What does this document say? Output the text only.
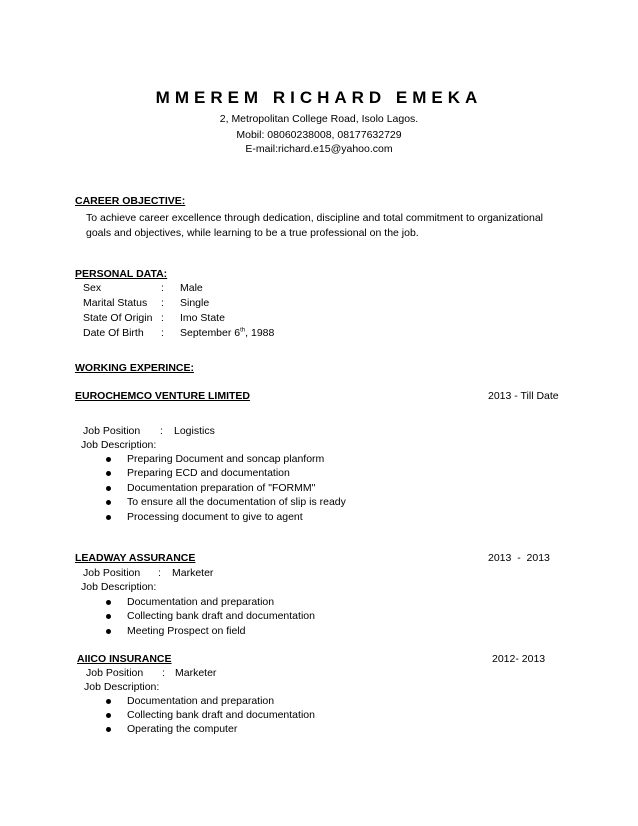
MMEREM RICHARD EMEKA
2, Metropolitan College Road, Isolo Lagos.
Mobil: 08060238008, 08177632729
E-mail:richard.e15@yahoo.com
CAREER OBJECTIVE:
To achieve career excellence through dedication, discipline and total commitment to organizational
goals and objectives, while learning to be a true professional on the job.
PERSONAL DATA:
Sex	: Male
Marital Status : Single
State Of Origin : Imo State
Date Of Birth : September 6th, 1988
WORKING EXPERINCE:
EUROCHEMCO VENTURE LIMITED	2013 - Till Date
Job Position : Logistics
Job Description:
Preparing Document and soncap planform
Preparing ECD and documentation
Documentation preparation of "FORMM"
To ensure all the documentation of slip is ready
Processing document to give to agent
LEADWAY ASSURANCE	2013  -  2013
Job Position : Marketer
Job Description:
Documentation and preparation
Collecting bank draft and documentation
Meeting Prospect on field
AIICO INSURANCE	2012- 2013
Job Position : Marketer
Job Description:
Documentation and preparation
Collecting bank draft and documentation
Operating the computer
